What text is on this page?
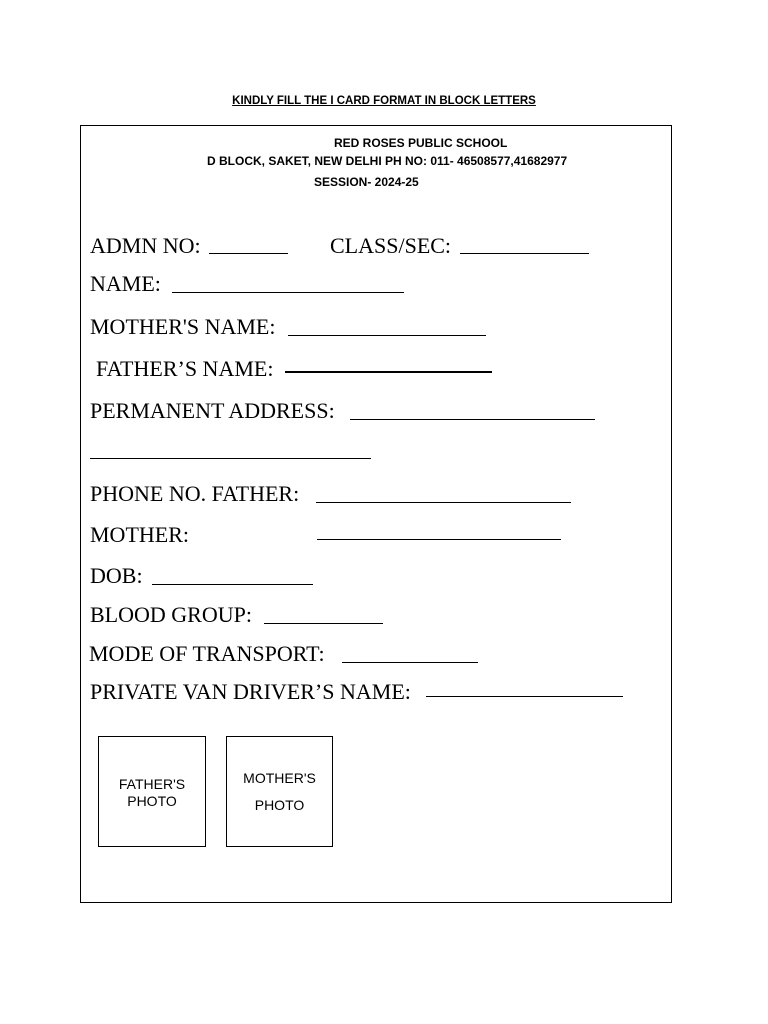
KINDLY FILL THE I CARD FORMAT IN BLOCK LETTERS
RED ROSES PUBLIC SCHOOL
D BLOCK, SAKET, NEW DELHI PH NO: 011- 46508577,41682977
SESSION- 2024-25
ADMN NO:	CLASS/SEC:
NAME:
MOTHER'S NAME:
FATHER’S NAME:
PERMANENT ADDRESS:
PHONE NO. FATHER:
MOTHER:
DOB:
BLOOD GROUP:
MODE OF TRANSPORT:
PRIVATE VAN DRIVER’S NAME:
FATHER'S
PHOTO
MOTHER'S
PHOTO
